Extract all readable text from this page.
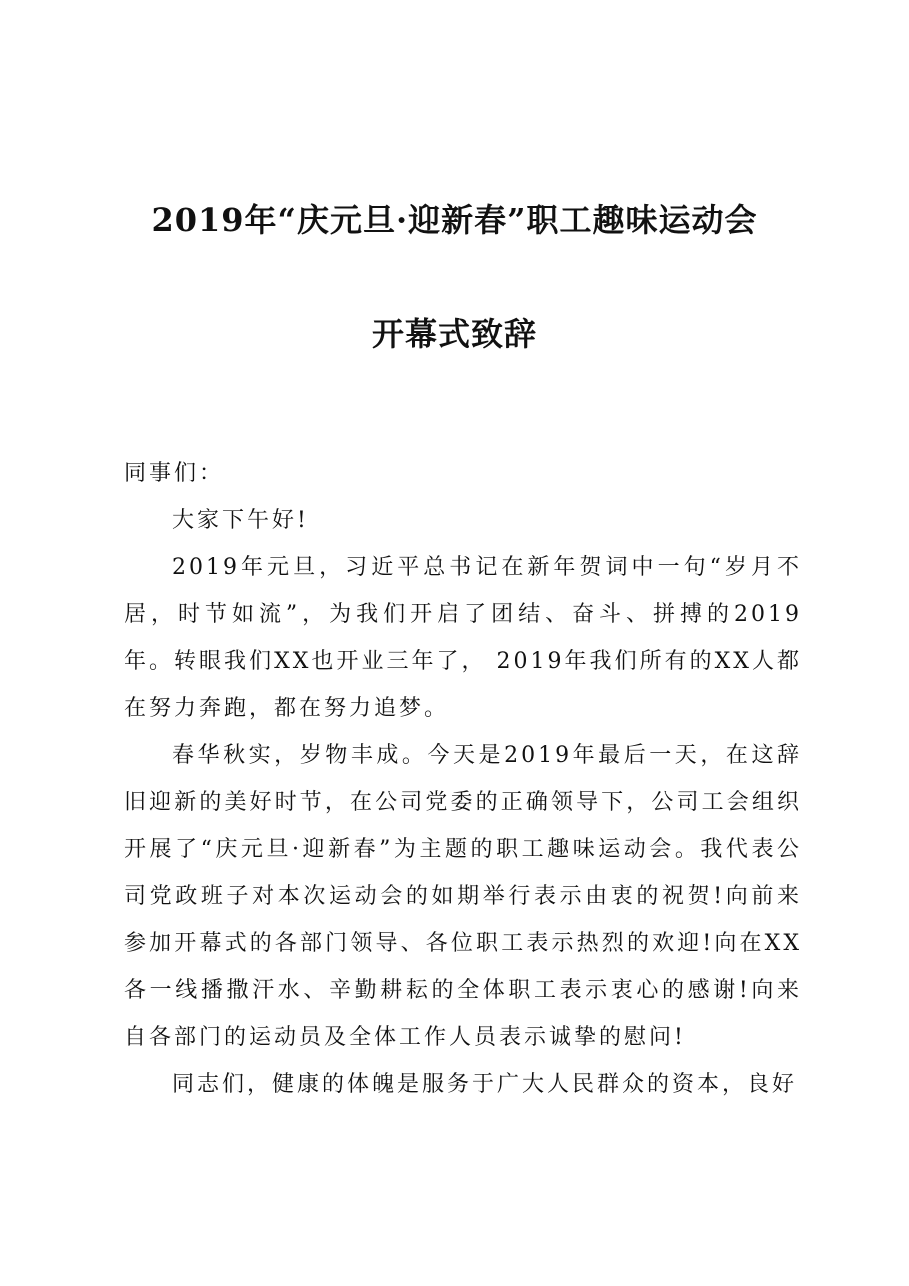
2019年“庆元旦·迎新春”职工趣味运动会
开幕式致辞

同事们：

大家下午好!

2019年元旦，习近平总书记在新年贺词中一句“岁月不居，时节如流”，为我们开启了团结、奋斗、拼搏的2019年。转眼我们XX也开业三年了， 2019年我们所有的XX人都在努力奔跑，都在努力追梦。

春华秋实，岁物丰成。今天是2019年最后一天，在这辞旧迎新的美好时节，在公司党委的正确领导下，公司工会组织开展了“庆元旦·迎新春”为主题的职工趣味运动会。我代表公司党政班子对本次运动会的如期举行表示由衷的祝贺!向前来参加开幕式的各部门领导、各位职工表示热烈的欢迎!向在XX各一线播撒汗水、辛勤耕耘的全体职工表示衷心的感谢!向来自各部门的运动员及全体工作人员表示诚挚的慰问!

同志们，健康的体魄是服务于广大人民群众的资本，良好
